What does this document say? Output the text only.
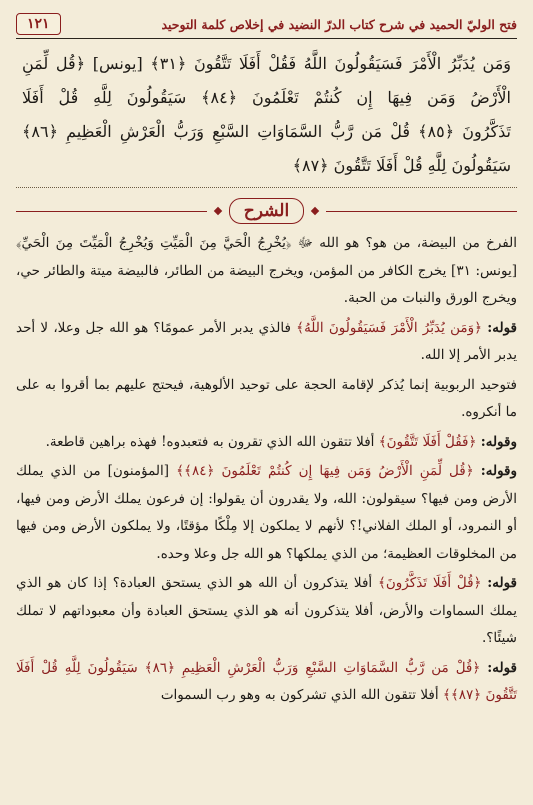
فتح الوليّ الحميد في شرح كتاب الدرّ النضيد في إخلاص كلمة التوحيد
١٢١
وَمَن يُدَبِّرُ الْأَمْرَ فَسَيَقُولُونَ اللَّهُ فَقُلْ أَفَلَا تَتَّقُونَ ﴿٣١﴾ [يونس] ﴿قُل لِّمَنِ
الْأَرْضُ وَمَن فِيهَا إِن كُنتُمْ تَعْلَمُونَ ﴿٨٤﴾ سَيَقُولُونَ لِلَّهِ قُلْ أَفَلَا
تَذَكَّرُونَ ﴿٨٥﴾ قُلْ مَن رَّبُّ السَّمَاوَاتِ السَّبْعِ وَرَبُّ الْعَرْشِ الْعَظِيمِ ﴿٨٦﴾
سَيَقُولُونَ لِلَّهِ قُلْ أَفَلَا تَتَّقُونَ ﴿٨٧﴾
الشرح

الفرخ من البيضة، من هو؟ هو الله ﷻ ﴿يُخْرِجُ الْحَيَّ مِنَ الْمَيِّتِ وَيُخْرِجُ الْمَيِّتَ مِنَ الْحَيِّ﴾ [يونس: ٣١] يخرج الكافر من المؤمن، ويخرج البيضة من الطائر، فالبيضة ميتة والطائر حي، ويخرج الورق والنبات من الحبة.

قوله: ﴿وَمَن يُدَبِّرُ الْأَمْرَ فَسَيَقُولُونَ اللَّهُ﴾ فالذي يدبر الأمر عمومًا؟ هو الله جل وعلا، لا أحد يدبر الأمر إلا الله.

فتوحيد الربوبية إنما يُذكر لإقامة الحجة على توحيد الألوهية، فيحتج عليهم بما أقروا به على ما أنكروه.

وقوله: ﴿فَقُلْ أَفَلَا تَتَّقُونَ﴾ أفلا تتقون الله الذي تقرون به فتعبدوه! فهذه براهين قاطعة.

وقوله: ﴿قُل لِّمَنِ الْأَرْضُ وَمَن فِيهَا إِن كُنتُمْ تَعْلَمُونَ ﴿٨٤﴾﴾ [المؤمنون] من الذي يملك الأرض ومن فيها؟ سيقولون: الله، ولا يقدرون أن يقولوا: إن فرعون يملك الأرض ومن فيها، أو النمرود، أو الملك الفلاني!؟ لأنهم لا يملكون إلا مِلْكًا مؤقتًا، ولا يملكون الأرض ومن فيها من المخلوقات العظيمة؛ من الذي يملكها؟ هو الله جل وعلا وحده.

قوله: ﴿قُلْ أَفَلَا تَذَكَّرُونَ﴾ أفلا يتذكرون أن الله هو الذي يستحق العبادة؟ إذا كان هو الذي يملك السماوات والأرض، أفلا يتذكرون أنه هو الذي يستحق العبادة وأن معبوداتهم لا تملك شيئًا؟.

قوله: ﴿قُلْ مَن رَّبُّ السَّمَاوَاتِ السَّبْعِ وَرَبُّ الْعَرْشِ الْعَظِيمِ ﴿٨٦﴾ سَيَقُولُونَ لِلَّهِ قُلْ أَفَلَا تَتَّقُونَ ﴿٨٧﴾﴾ أفلا تتقون الله الذي تشركون به وهو رب السموات
